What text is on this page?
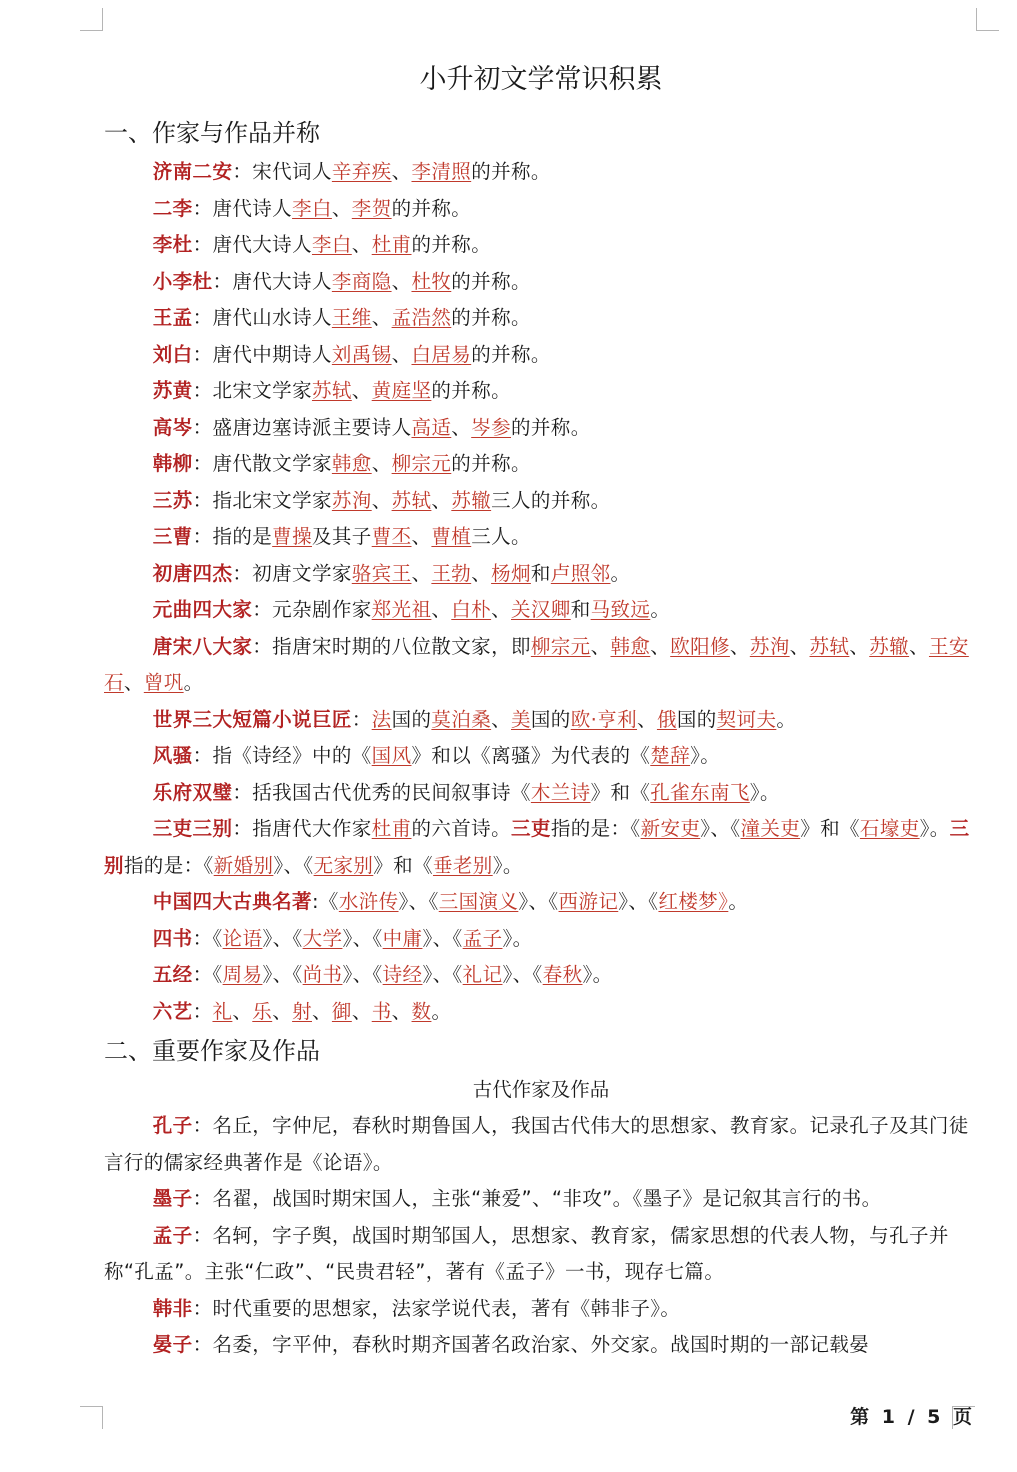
小升初文学常识积累
一、作家与作品并称

济南二安：宋代词人辛弃疾、李清照的并称。

二李：唐代诗人李白、李贺的并称。

李杜：唐代大诗人李白、杜甫的并称。

小李杜：唐代大诗人李商隐、杜牧的并称。

王孟：唐代山水诗人王维、孟浩然的并称。

刘白：唐代中期诗人刘禹锡、白居易的并称。

苏黄：北宋文学家苏轼、黄庭坚的并称。

高岑：盛唐边塞诗派主要诗人高适、岑参的并称。

韩柳：唐代散文学家韩愈、柳宗元的并称。

三苏：指北宋文学家苏洵、苏轼、苏辙三人的并称。

三曹：指的是曹操及其子曹丕、曹植三人。

初唐四杰：初唐文学家骆宾王、王勃、杨炯和卢照邻。

元曲四大家：元杂剧作家郑光祖、白朴、关汉卿和马致远。

唐宋八大家：指唐宋时期的八位散文家，即柳宗元、韩愈、欧阳修、苏洵、苏轼、苏辙、王安石、曾巩。

世界三大短篇小说巨匠：法国的莫泊桑、美国的欧·亨利、俄国的契诃夫。

风骚：指《诗经》中的《国风》和以《离骚》为代表的《楚辞》。

乐府双璧：括我国古代优秀的民间叙事诗《木兰诗》和《孔雀东南飞》。

三吏三别：指唐代大作家杜甫的六首诗。三吏指的是：《新安吏》、《潼关吏》和《石壕吏》。三别指的是：《新婚别》、《无家别》和《垂老别》。

中国四大古典名著:《水浒传》、《三国演义》、《西游记》、《红楼梦》。

四书：《论语》、《大学》、《中庸》、《孟子》。

五经：《周易》、《尚书》、《诗经》、《礼记》、《春秋》。

六艺：礼、乐、射、御、书、数。

二、重要作家及作品
古代作家及作品

孔子：名丘，字仲尼，春秋时期鲁国人，我国古代伟大的思想家、教育家。记录孔子及其门徒言行的儒家经典著作是《论语》。

墨子：名翟，战国时期宋国人，主张“兼爱”、“非攻”。《墨子》是记叙其言行的书。

孟子：名轲，字子舆，战国时期邹国人，思想家、教育家，儒家思想的代表人物，与孔子并称“孔孟”。主张“仁政”、“民贵君轻”，著有《孟子》一书，现存七篇。

韩非：时代重要的思想家，法家学说代表，著有《韩非子》。

晏子：名委，字平仲，春秋时期齐国著名政治家、外交家。战国时期的一部记载晏

第 1 / 5 页
